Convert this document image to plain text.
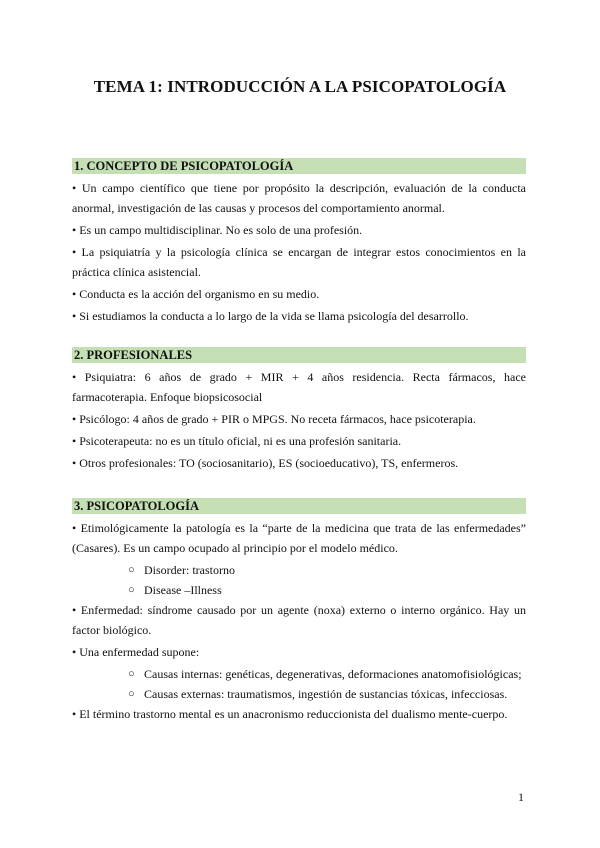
TEMA 1: INTRODUCCIÓN A LA PSICOPATOLOGÍA
1. CONCEPTO DE PSICOPATOLOGÍA

• Un campo científico que tiene por propósito la descripción, evaluación de la conducta anormal, investigación de las causas y procesos del comportamiento anormal.

• Es un campo multidisciplinar. No es solo de una profesión.

• La psiquiatría y la psicología clínica se encargan de integrar estos conocimientos en la práctica clínica asistencial.

• Conducta es la acción del organismo en su medio.

• Si estudiamos la conducta a lo largo de la vida se llama psicología del desarrollo.

2. PROFESIONALES

• Psiquiatra: 6 años de grado + MIR + 4 años residencia. Recta fármacos, hace farmacoterapia. Enfoque biopsicosocial

• Psicólogo: 4 años de grado + PIR o MPGS. No receta fármacos, hace psicoterapia.

• Psicoterapeuta: no es un título oficial, ni es una profesión sanitaria.

• Otros profesionales: TO (sociosanitario), ES (socioeducativo), TS, enfermeros.

3. PSICOPATOLOGÍA

• Etimológicamente la patología es la “parte de la medicina que trata de las enfermedades” (Casares). Es un campo ocupado al principio por el modelo médico.

○ Disorder: trastorno

○ Disease –Illness

• Enfermedad: síndrome causado por un agente (noxa) externo o interno orgánico. Hay un factor biológico.

• Una enfermedad supone:

○ Causas internas: genéticas, degenerativas, deformaciones anatomofisiológicas;

○ Causas externas: traumatismos, ingestión de sustancias tóxicas, infecciosas.

• El término trastorno mental es un anacronismo reduccionista del dualismo mente-cuerpo.

1
